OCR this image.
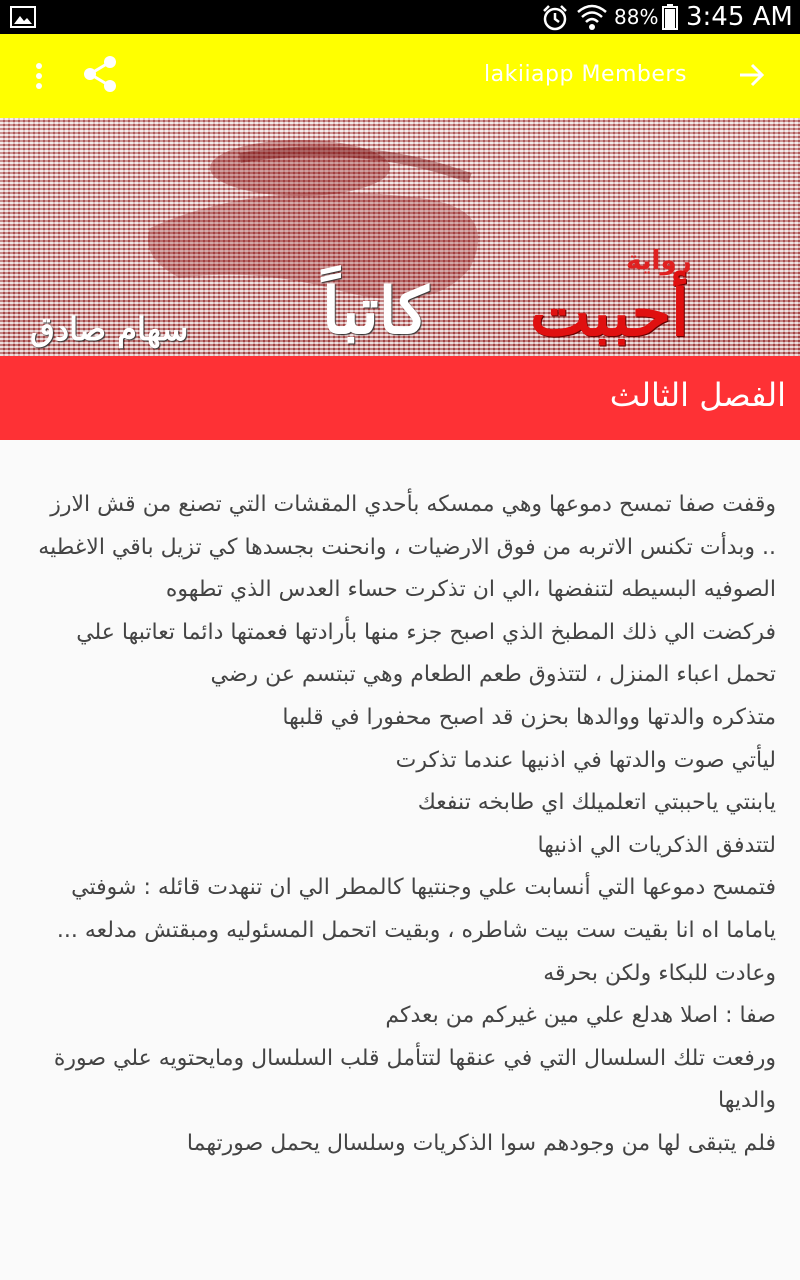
88% 3:45 AM
lakiiapp Members
رواية
أحببت
كاتباً
سهام صادق
الفصل الثالث

وقفت صفا تمسح دموعها وهي ممسكه بأحدي المقشات التي تصنع من قش الارز

.. وبدأت تكنس الاتربه من فوق الارضيات ، وانحنت بجسدها كي تزيل باقي الاغطيه

الصوفيه البسيطه لتنفضها ،الي ان تذكرت حساء العدس الذي تطهوه

فركضت الي ذلك المطبخ الذي اصبح جزء منها بأرادتها فعمتها دائما تعاتبها علي

تحمل اعباء المنزل ، لتتذوق طعم الطعام وهي تبتسم عن رضي

متذكره والدتها ووالدها بحزن قد اصبح محفورا في قلبها

ليأتي صوت والدتها في اذنيها عندما تذكرت

يابنتي ياحببتي اتعلميلك اي طابخه تنفعك

لتتدفق الذكريات الي اذنيها

فتمسح دموعها التي أنسابت علي وجنتيها كالمطر الي ان تنهدت قائله : شوفتي

ياماما اه انا بقيت ست بيت شاطره ، وبقيت اتحمل المسئوليه ومبقتش مدلعه ...

وعادت للبكاء ولكن بحرقه

صفا : اصلا هدلع علي مين غيركم من بعدكم

ورفعت تلك السلسال التي في عنقها لتتأمل قلب السلسال ومايحتويه علي صورة

والديها

فلم يتبقى لها من وجودهم سوا الذكريات وسلسال يحمل صورتهما
